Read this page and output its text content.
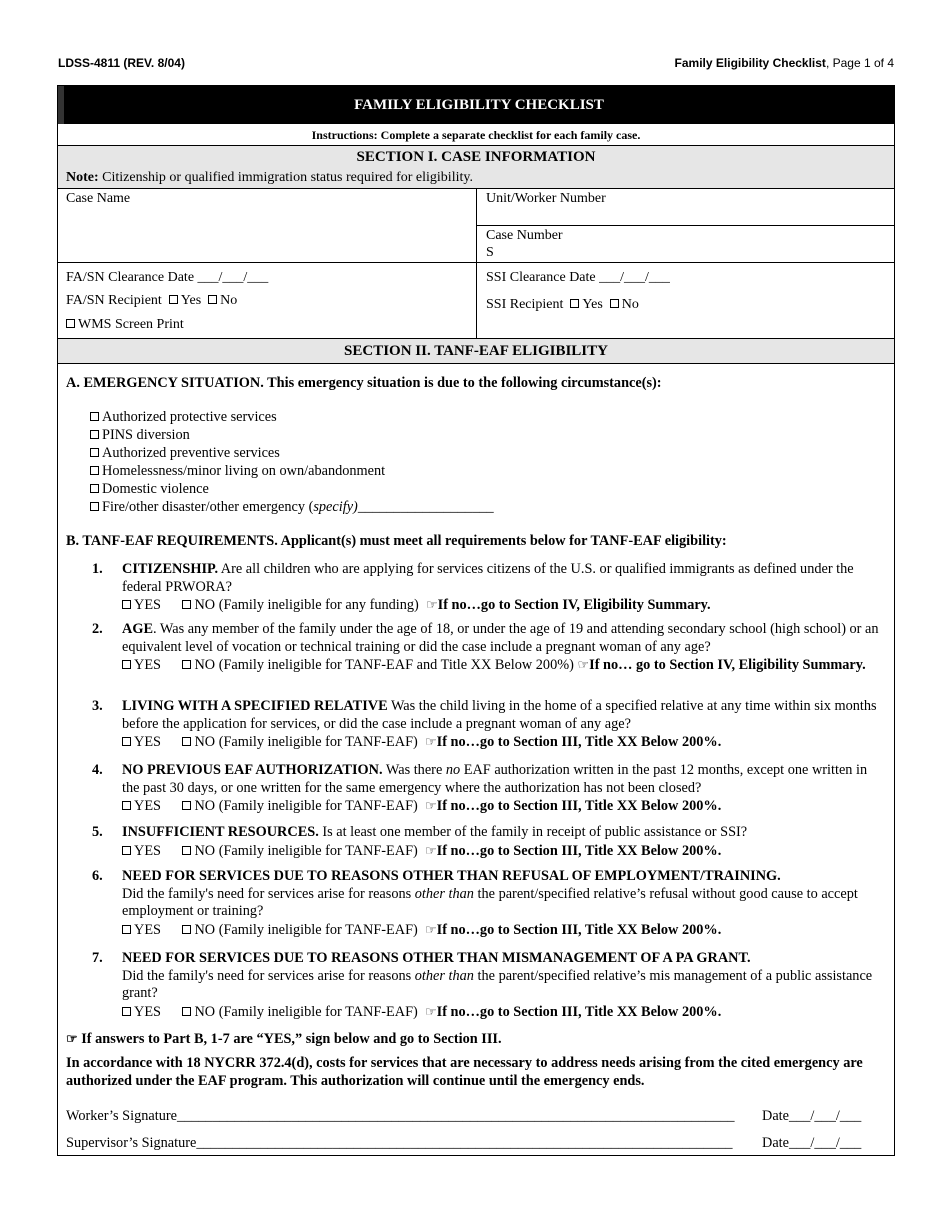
LDSS-4811 (REV. 8/04)	Family Eligibility Checklist, Page 1 of 4
FAMILY ELIGIBILITY CHECKLIST
Instructions: Complete a separate checklist for each family case.
SECTION I. CASE INFORMATION
Note: Citizenship or qualified immigration status required for eligibility.
Case Name	Unit/Worker Number
Case Number
S
FA/SN Clearance Date ___/___/___
FA/SN Recipient Yes No
WMS Screen Print
SSI Clearance Date ___/___/___
SSI Recipient Yes No
SECTION II. TANF-EAF ELIGIBILITY
A. EMERGENCY SITUATION. This emergency situation is due to the following circumstance(s):
Authorized protective services
PINS diversion
Authorized preventive services
Homelessness/minor living on own/abandonment
Domestic violence
Fire/other disaster/other emergency (specify)___________________
B. TANF-EAF REQUIREMENTS. Applicant(s) must meet all requirements below for TANF-EAF eligibility:
1. CITIZENSHIP. Are all children who are applying for services citizens of the U.S. or qualified immigrants as defined under the federal PRWORA?
YES NO (Family ineligible for any funding) ☞If no…go to Section IV, Eligibility Summary.
2. AGE. Was any member of the family under the age of 18, or under the age of 19 and attending secondary school (high school) or an equivalent level of vocation or technical training or did the case include a pregnant woman of any age?
YES NO (Family ineligible for TANF-EAF and Title XX Below 200%) ☞If no… go to Section IV, Eligibility Summary.
3. LIVING WITH A SPECIFIED RELATIVE Was the child living in the home of a specified relative at any time within six months before the application for services, or did the case include a pregnant woman of any age?
YES NO (Family ineligible for TANF-EAF) ☞If no…go to Section III, Title XX Below 200%.
4. NO PREVIOUS EAF AUTHORIZATION. Was there no EAF authorization written in the past 12 months, except one written in the past 30 days, or one written for the same emergency where the authorization has not been closed?
YES NO (Family ineligible for TANF-EAF) ☞If no…go to Section III, Title XX Below 200%.
5. INSUFFICIENT RESOURCES. Is at least one member of the family in receipt of public assistance or SSI?
YES NO (Family ineligible for TANF-EAF) ☞If no…go to Section III, Title XX Below 200%.
6. NEED FOR SERVICES DUE TO REASONS OTHER THAN REFUSAL OF EMPLOYMENT/TRAINING.
Did the family's need for services arise for reasons other than the parent/specified relative’s refusal without good cause to accept employment or training?
YES NO (Family ineligible for TANF-EAF) ☞If no…go to Section III, Title XX Below 200%.
7. NEED FOR SERVICES DUE TO REASONS OTHER THAN MISMANAGEMENT OF A PA GRANT.
Did the family's need for services arise for reasons other than the parent/specified relative’s mis management of a public assistance grant?
YES NO (Family ineligible for TANF-EAF) ☞If no…go to Section III, Title XX Below 200%.
☞ If answers to Part B, 1-7 are “YES,” sign below and go to Section III.
In accordance with 18 NYCRR 372.4(d), costs for services that are necessary to address needs arising from the cited emergency are authorized under the EAF program. This authorization will continue until the emergency ends.
Worker’s Signature______________________________________________________________________________ Date___/___/___
Supervisor’s Signature___________________________________________________________________________ Date___/___/___
